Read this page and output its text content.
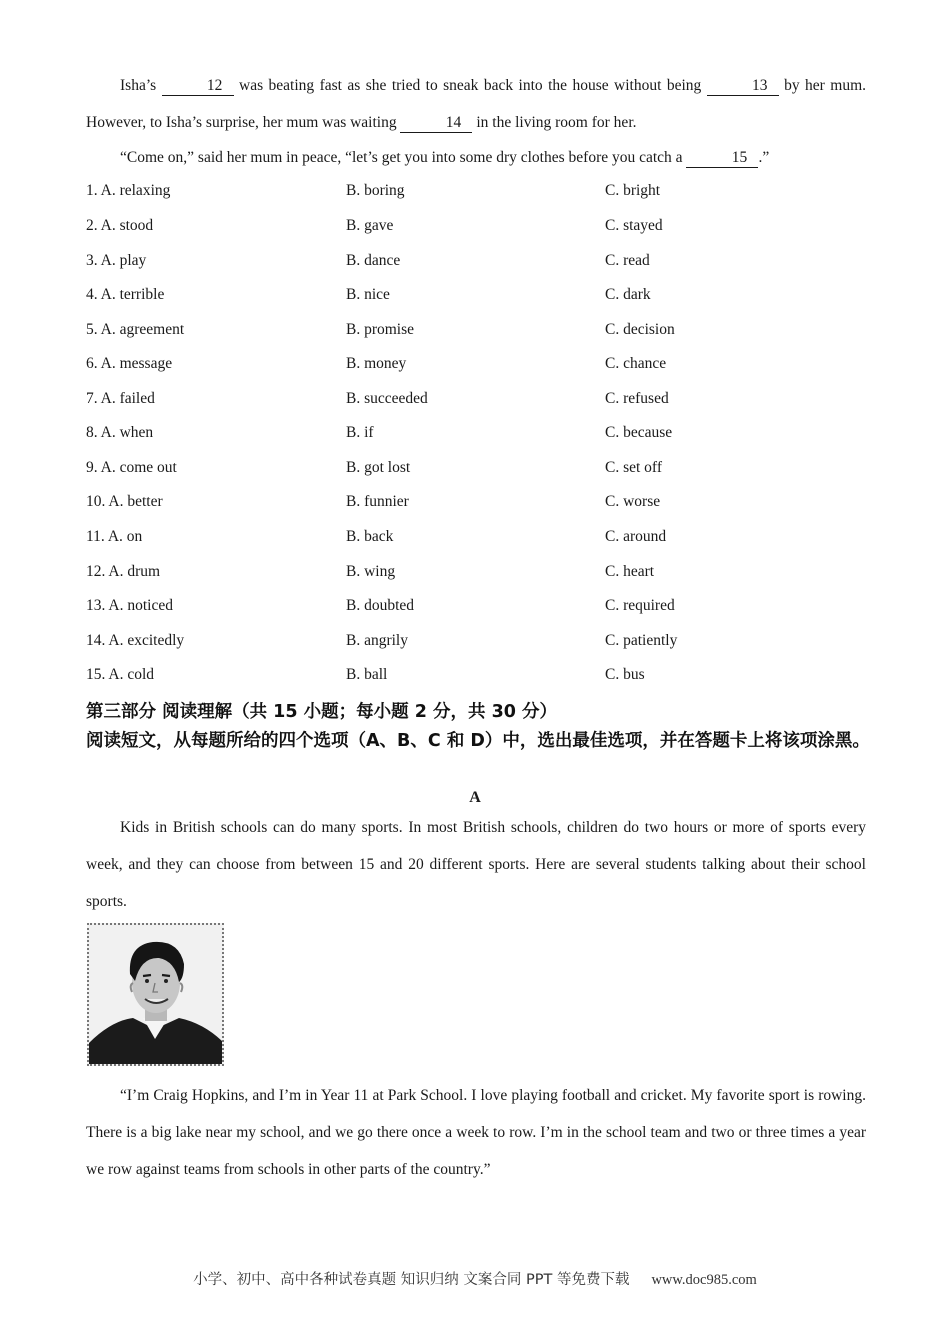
Isha’s	12 was beating fast as she tried to sneak back into the house without being	13 by her mum. However, to Isha’s surprise, her mum was waiting	14 in the living room for her.
“Come on,” said her mum in peace, “let’s get you into some dry clothes before you catch a	15 .”
1. A. relaxing	B. boring	C. bright
2. A. stood	B. gave	C. stayed
3. A. play	B. dance	C. read
4. A. terrible	B. nice	C. dark
5. A. agreement	B. promise	C. decision
6. A. message	B. money	C. chance
7. A. failed	B. succeeded	C. refused
8. A. when	B. if	C. because
9. A. come out	B. got lost	C. set off
10. A. better	B. funnier	C. worse
11. A. on	B. back	C. around
12. A. drum	B. wing	C. heart
13. A. noticed	B. doubted	C. required
14. A. excitedly	B. angrily	C. patiently
15. A. cold	B. ball	C. bus
第三部分 阅读理解（共 15 小题；每小题 2 分，共 30 分）
阅读短文，从每题所给的四个选项（A、B、C 和 D）中，选出最佳选项，并在答题卡上将该项涂黑。
A
Kids in British schools can do many sports. In most British schools, children do two hours or more of sports every week, and they can choose from between 15 and 20 different sports. Here are several students talking about their school sports.
“I’m Craig Hopkins, and I’m in Year 11 at Park School. I love playing football and cricket. My favorite sport is rowing. There is a big lake near my school, and we go there once a week to row. I’m in the school team and two or three times a year we row against teams from schools in other parts of the country.”
小学、初中、高中各种试卷真题 知识归纳 文案合同 PPT 等免费下载 www.doc985.com
